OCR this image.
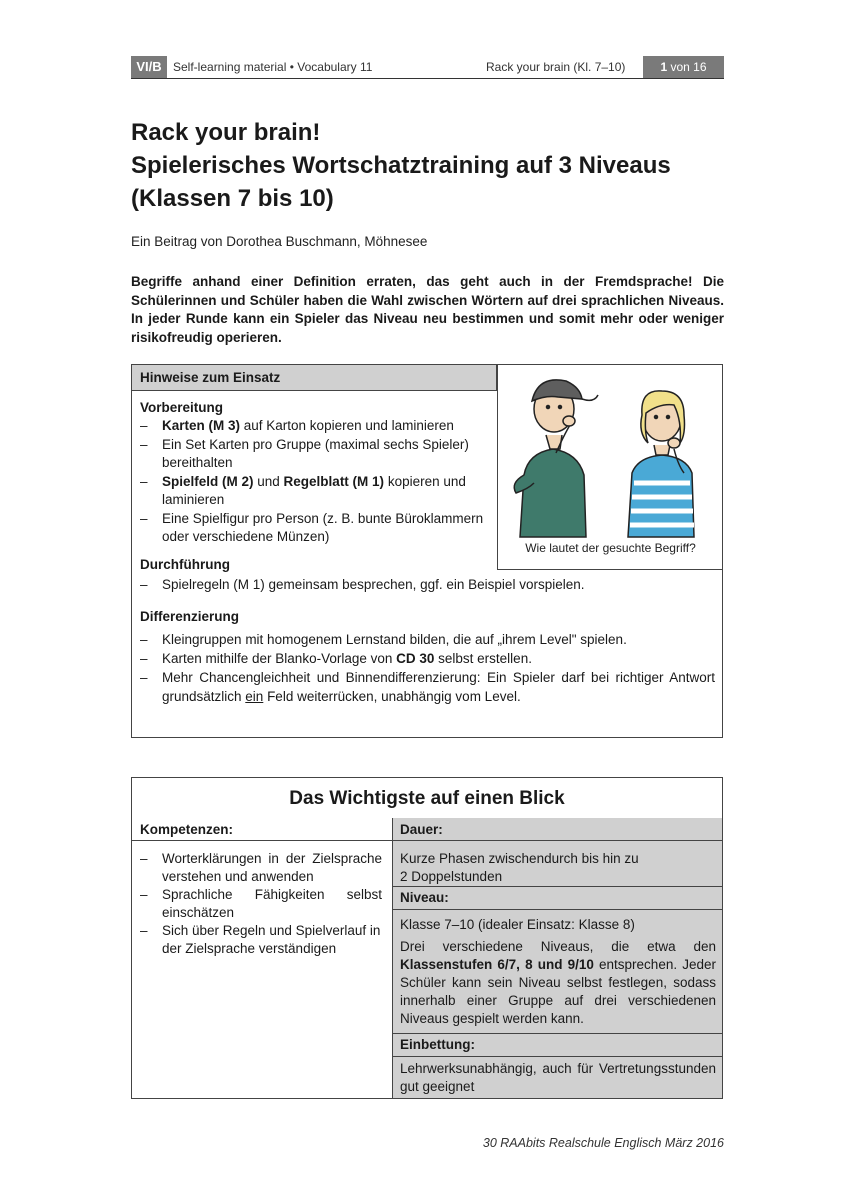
VI/B Self-learning material • Vocabulary 11	Rack your brain (Kl. 7–10)	1 von 16
Rack your brain!
Spielerisches Wortschatztraining auf 3 Niveaus
(Klassen 7 bis 10)
Ein Beitrag von Dorothea Buschmann, Möhnesee
Begriffe anhand einer Definition erraten, das geht auch in der Fremdsprache! Die Schülerinnen und Schüler haben die Wahl zwischen Wörtern auf drei sprachlichen Niveaus. In jeder Runde kann ein Spieler das Niveau neu bestimmen und somit mehr oder weniger risikofreudig operieren.
Hinweise zum Einsatz
Wie lautet der gesuchte Begriff?

Vorbereitung

– Karten (M 3) auf Karton kopieren und laminieren
– Ein Set Karten pro Gruppe (maximal sechs Spieler) bereithalten
– Spielfeld (M 2) und Regelblatt (M 1) kopieren und laminieren
– Eine Spielfigur pro Person (z. B. bunte Büroklammern oder verschiedene Münzen)

Durchführung

– Spielregeln (M 1) gemeinsam besprechen, ggf. ein Beispiel vorspielen.

Differenzierung

– Kleingruppen mit homogenem Lernstand bilden, die auf „ihrem Level" spielen.
– Karten mithilfe der Blanko-Vorlage von CD 30 selbst erstellen.
– Mehr Chancengleichheit und Binnendifferenzierung: Ein Spieler darf bei richtiger Antwort grundsätzlich ein Feld weiterrücken, unabhängig vom Level.
Das Wichtigste auf einen Blick
Kompetenzen:
– Worterklärungen in der Zielsprache verstehen und anwenden
– Sprachliche Fähigkeiten selbst einschätzen
– Sich über Regeln und Spielverlauf in der Zielsprache verständigen
Dauer:
Kurze Phasen zwischendurch bis hin zu 2 Doppelstunden
Niveau:
Klasse 7–10 (idealer Einsatz: Klasse 8)
Drei verschiedene Niveaus, die etwa den Klassenstufen 6/7, 8 und 9/10 entsprechen. Jeder Schüler kann sein Niveau selbst festlegen, sodass innerhalb einer Gruppe auf drei verschiedenen Niveaus gespielt werden kann.
Einbettung:
Lehrwerksunabhängig, auch für Vertretungsstunden gut geeignet
30 RAAbits Realschule Englisch März 2016
